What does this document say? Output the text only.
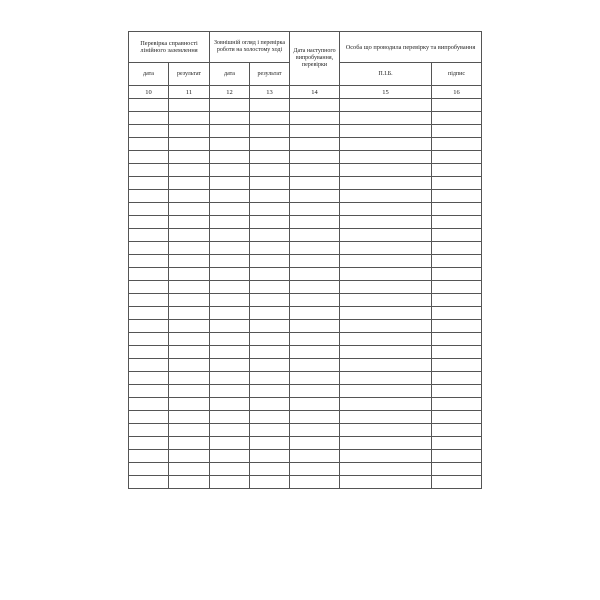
Перевірка справності лінійного заземлення		Зовнішній огляд і перевірка роботи на холостому ході		Дата наступного випробування, перевірки	Особа що проводила перевірку та випробування	
дата	результат	дата	результат		П.І.Б.	підпис
10	11	12	13	14	15	16
